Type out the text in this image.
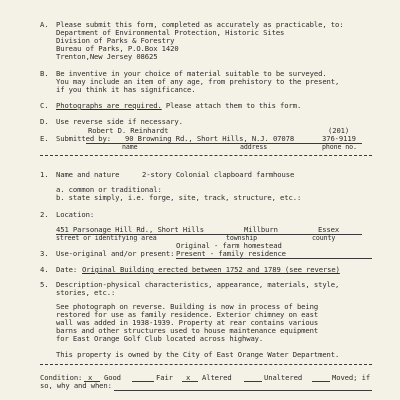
A. Please submit this form, completed as accurately as practicable, to:
Department of Environmental Protection, Historic Sites
Division of Parks & Forestry
Bureau of Parks, P.O.Box 1420
Trenton,New Jersey 08625
B. Be inventive in your choice of material suitable to be surveyed.
You may include an item of any age, from prehistory to the present,
if you think it has significance.
C. Photographs are required. Please attach them to this form.
D. Use reverse side if necessary.
Robert D. Reinhardt	(201)
E. Submitted by: 90 Browning Rd., Short Hills, N.J. 07078	376-9119
name	address	phone no.
1. Name and nature	2-story Colonial clapboard farmhouse
a. common or traditional:
b. state simply, i.e. forge, site, track, structure, etc.:
2. Location:
451 Parsonage Hill Rd., Short Hills	Millburn	Essex
street or identifying area	township	county
Original - farm homestead
3. Use-original and/or present: Present - family residence
4. Date: Original Building erected between 1752 and 1789 (see reverse)
5. Description-physical characteristics, appearance, materials, style,
stories, etc.:
See photograph on reverse. Building is now in process of being
restored for use as family residence. Exterior chimney on east
wall was added in 1938-1939. Property at rear contains various
barns and other structures used to house maintenance equipment
for East Orange Golf Club located across highway.
This property is owned by the City of East Orange Water Department.
Condition: x Good	Fair x Altered	Unaltered	Moved; if
so, why and when:
